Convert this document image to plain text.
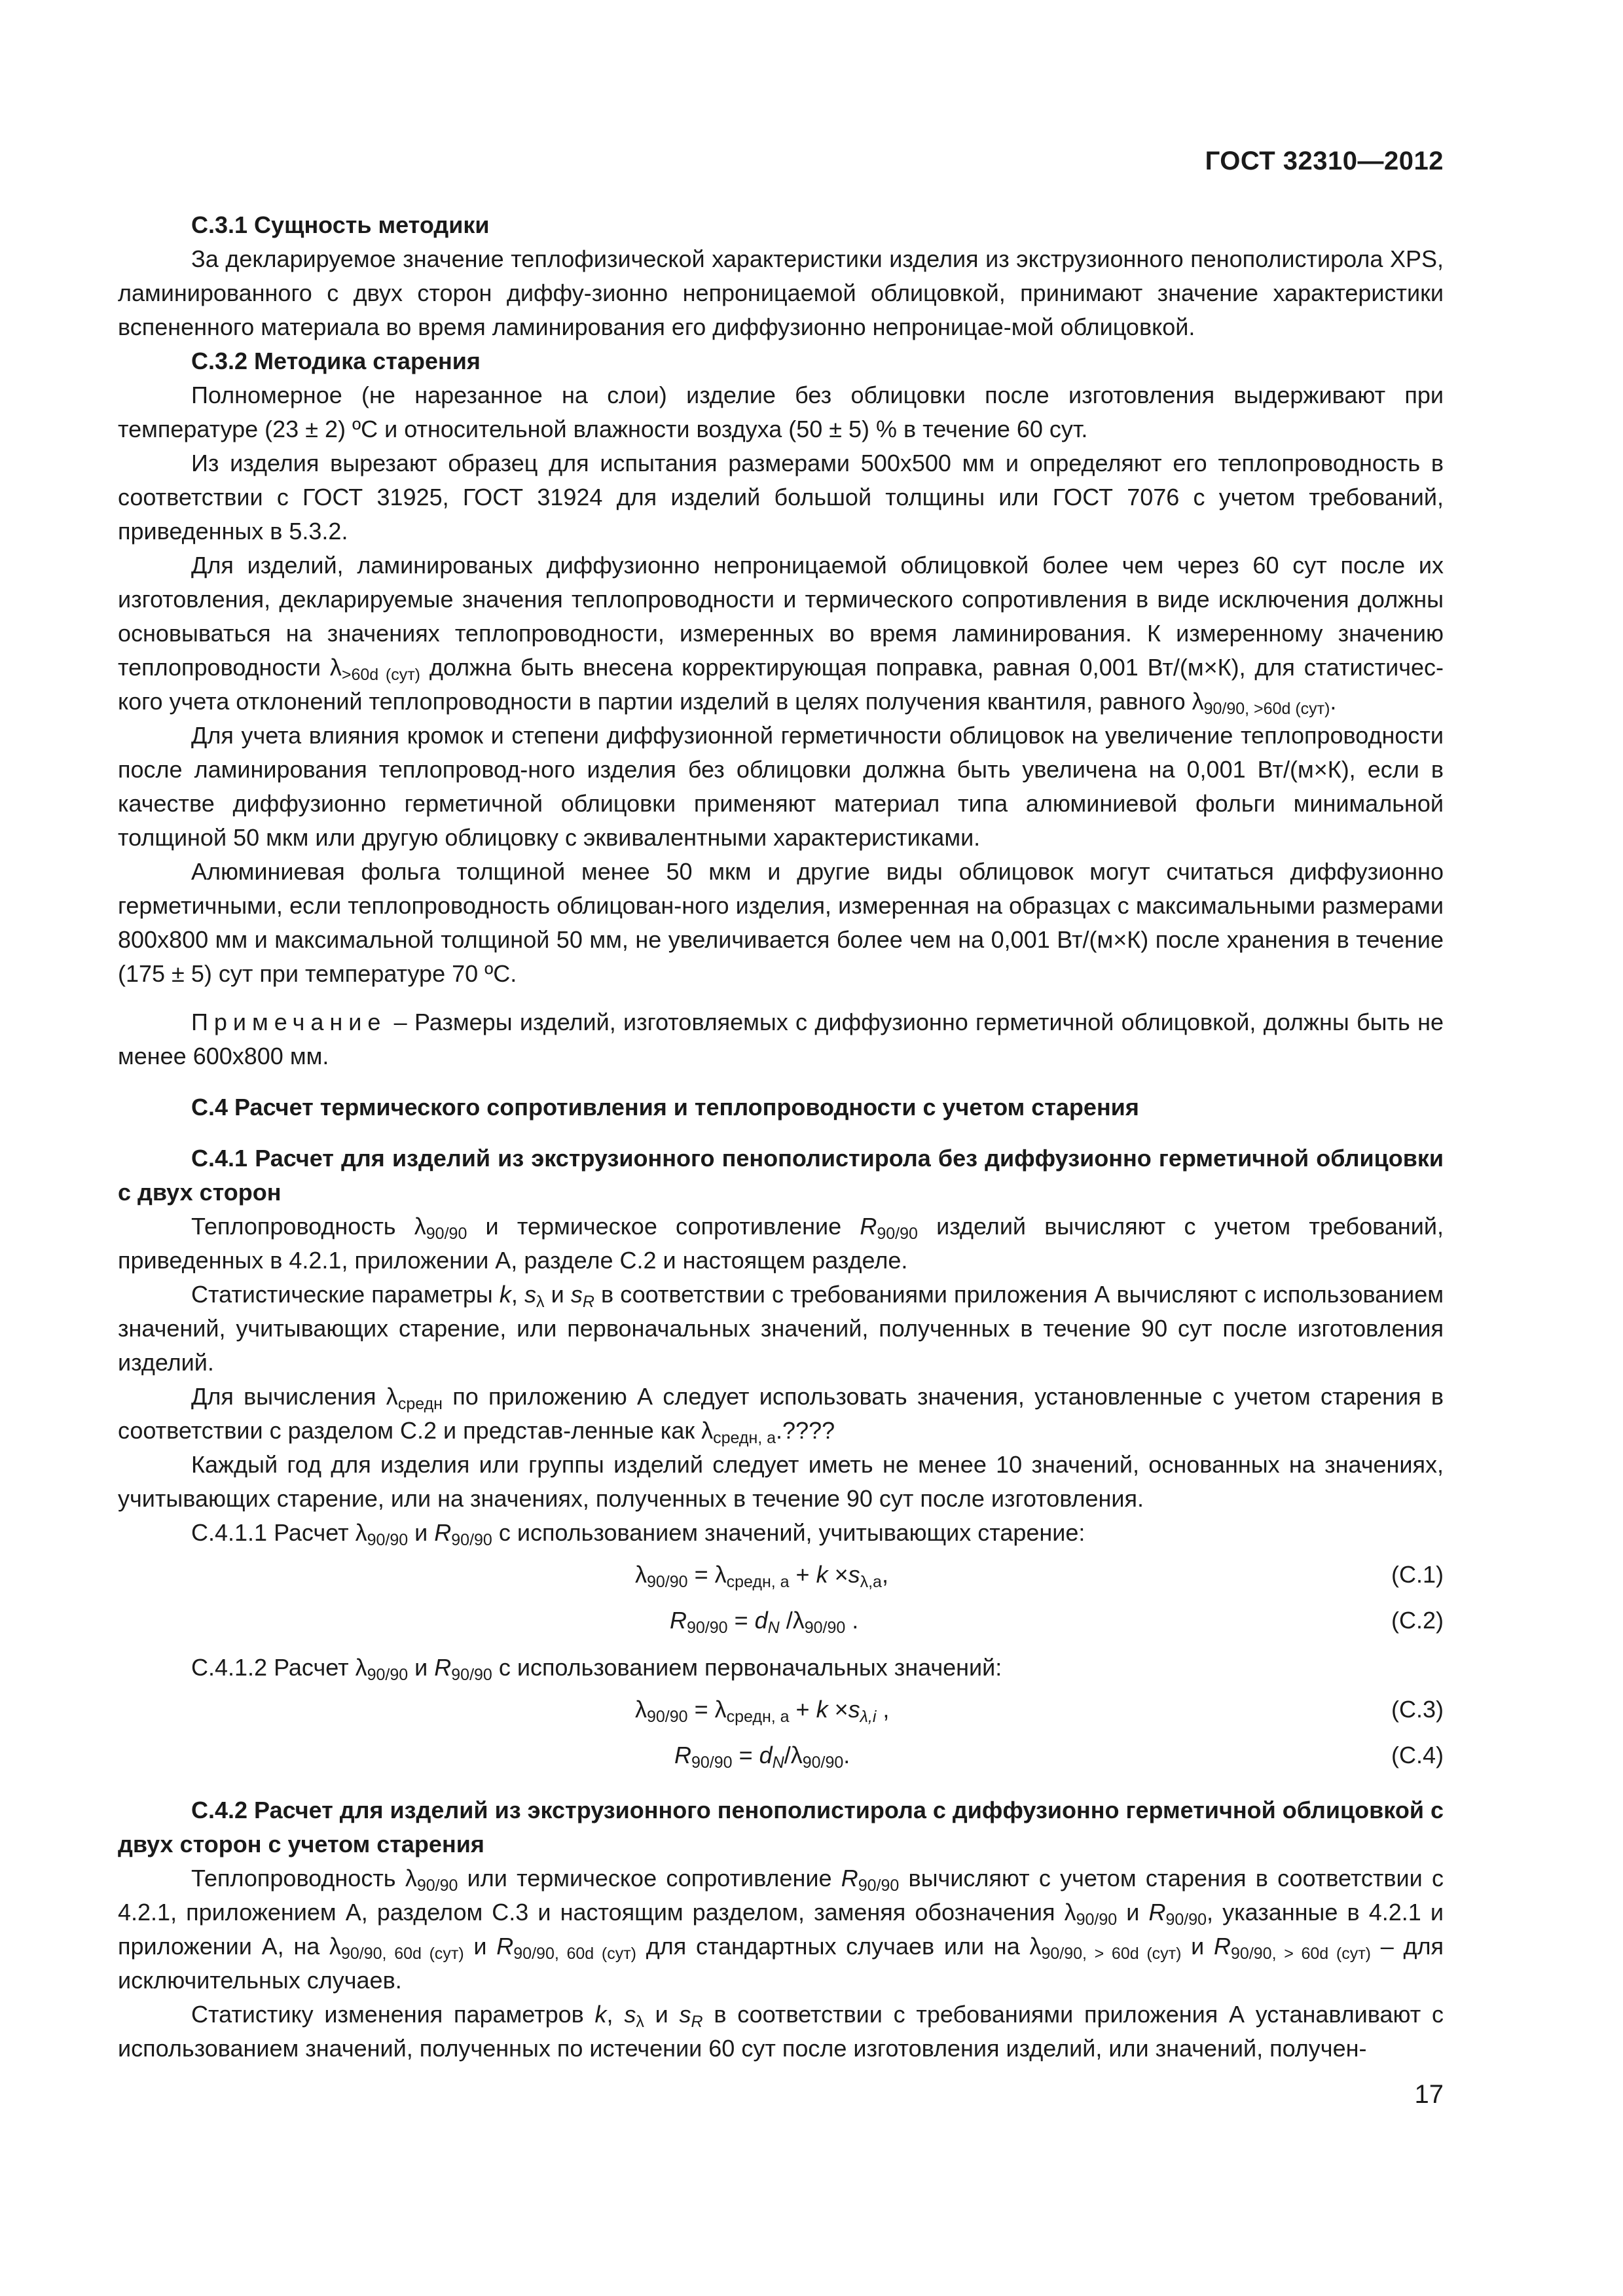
ГОСТ 32310—2012

С.3.1 Сущность методики

За декларируемое значение теплофизической характеристики изделия из экструзионного пенополистирола XPS, ламинированного с двух сторон диффу-зионно непроницаемой облицовкой, принимают значение характеристики вспененного материала во время ламинирования его диффузионно непроницае-мой облицовкой.

С.3.2 Методика старения

Полномерное (не нарезанное на слои) изделие без облицовки после изготовления выдерживают при температуре (23 ± 2) ºС и относительной влажности воздуха (50 ± 5) % в течение 60 сут.

Из изделия вырезают образец для испытания размерами 500х500 мм и определяют его теплопроводность в соответствии с ГОСТ 31925, ГОСТ 31924 для изделий большой толщины или ГОСТ 7076 с учетом требований, приведенных в 5.3.2.

Для изделий, ламинированых диффузионно непроницаемой облицовкой более чем через 60 сут после их изготовления, декларируемые значения теплопроводности и термического сопротивления в виде исключения должны основываться на значениях теплопроводности, измеренных во время ламинирования. К измеренному значению теплопроводности $\lambda_{>60d (сут)}$ должна быть внесена корректирующая поправка, равная 0,001 Вт/(м×К), для статистичес-кого учета отклонений теплопроводности в партии изделий в целях получения квантиля, равного $\lambda_{90/90, >60d (сут)}$.

Для учета влияния кромок и степени диффузионной герметичности облицовок на увеличение теплопроводности после ламинирования теплопровод-ного изделия без облицовки должна быть увеличена на 0,001 Вт/(м×К), если в качестве диффузионно герметичной облицовки применяют материал типа алюминиевой фольги минимальной толщиной 50 мкм или другую облицовку с эквивалентными характеристиками.

Алюминиевая фольга толщиной менее 50 мкм и другие виды облицовок могут считаться диффузионно герметичными, если теплопроводность облицован-ного изделия, измеренная на образцах с максимальными размерами 800х800 мм и максимальной толщиной 50 мм, не увеличивается более чем на 0,001 Вт/(м×К) после хранения в течение (175 ± 5) сут при температуре 70 ºС.

Примечание – Размеры изделий, изготовляемых с диффузионно герметичной облицовкой, должны быть не менее 600х800 мм.

С.4 Расчет термического сопротивления и теплопроводности с учетом старения

С.4.1 Расчет для изделий из экструзионного пенополистирола без диффузионно герметичной облицовки с двух сторон

Теплопроводность $\lambda_{90/90}$ и термическое сопротивление $R_{90/90}$ изделий вычисляют с учетом требований, приведенных в 4.2.1, приложении А, разделе С.2 и настоящем разделе.

Статистические параметры k, $s_\lambda$ и $s_R$ в соответствии с требованиями приложения А вычисляют с использованием значений, учитывающих старение, или первоначальных значений, полученных в течение 90 сут после изготовления изделий.

Для вычисления $\lambda_{средн}$ по приложению А следует использовать значения, установленные с учетом старения в соответствии с разделом С.2 и представ-ленные как $\lambda_{средн, a}$.????

Каждый год для изделия или группы изделий следует иметь не менее 10 значений, основанных на значениях, учитывающих старение, или на значениях, полученных в течение 90 сут после изготовления.

С.4.1.1 Расчет $\lambda_{90/90}$ и $R_{90/90}$ с использованием значений, учитывающих старение:

$\lambda_{90/90} = \lambda_{средн, а} + k \times s_{\lambda,а}$,	(С.1)
$R_{90/90} = d_N$ $/\lambda_{90/90}$ .	(С.2)

С.4.1.2 Расчет $\lambda_{90/90}$ и $R_{90/90}$ с использованием первоначальных значений:

$\lambda_{90/90} = \lambda_{средн, а} + k \times s_{\lambda,i}$ ,	(С.3)
$R_{90/90} = d_N/\lambda_{90/90}$.	(С.4)

С.4.2 Расчет для изделий из экструзионного пенополистирола с диффузионно герметичной облицовкой с двух сторон с учетом старения

Теплопроводность $\lambda_{90/90}$ или термическое сопротивление $R_{90/90}$ вычисляют с учетом старения в соответствии с 4.2.1, приложением А, разделом С.3 и настоящим разделом, заменяя обозначения $\lambda_{90/90}$ и $R_{90/90}$, указанные в 4.2.1 и приложении А, на $\lambda_{90/90, 60d (сут)}$ и $R_{90/90, 60d (сут)}$ для стандартных случаев или на $\lambda_{90/90, > 60d (сут)}$ и $R_{90/90, > 60d (сут)}$ – для исключительных случаев.

Статистику изменения параметров k, $s_\lambda$ и $s_R$ в соответствии с требованиями приложения А устанавливают с использованием значений, полученных по истечении 60 сут после изготовления изделий, или значений, получен-

17
